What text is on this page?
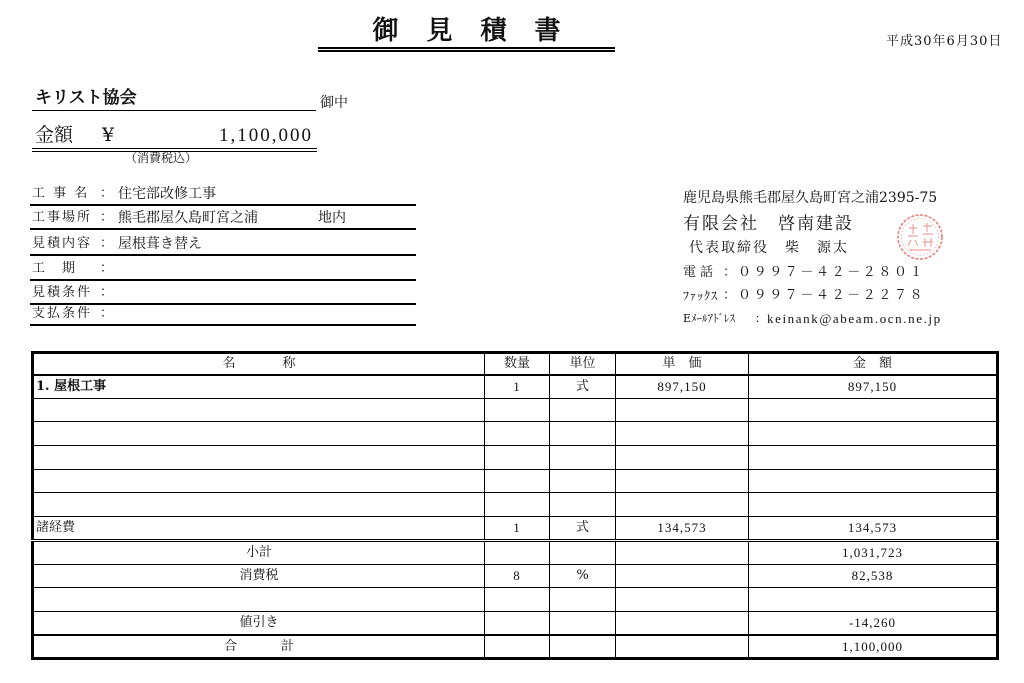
御見積書	平成30年6月30日
キリスト協会	御中
金額 ¥	1,100,000
（消費税込）
工 事 名 ： 住宅部改修工事
工事場所 ： 熊毛郡屋久島町宮之浦	地内
見積内容 ： 屋根葺き替え
工　期 ：
見積条件 ：
支払条件 ：
鹿児島県熊毛郡屋久島町宮之浦2395-75
有限会社　啓南建設
代表取締役　柴　源太
電話 ： ０９９７－４２－２８０１
ﾌｧｯｸｽ ： ０９９７－４２－２２７８
Eﾒｰﾙｱﾄﾞﾚｽ ： keinank@abeam.ocn.ne.jp
名　　称	数量	単位	単　価	金　額
1. 屋根工事	1	式	897,150	897,150

諸経費	1	式	134,573	134,573
小計				1,031,723
消費税	8	%		82,538

値引き				-14,260
合　　計				1,100,000
